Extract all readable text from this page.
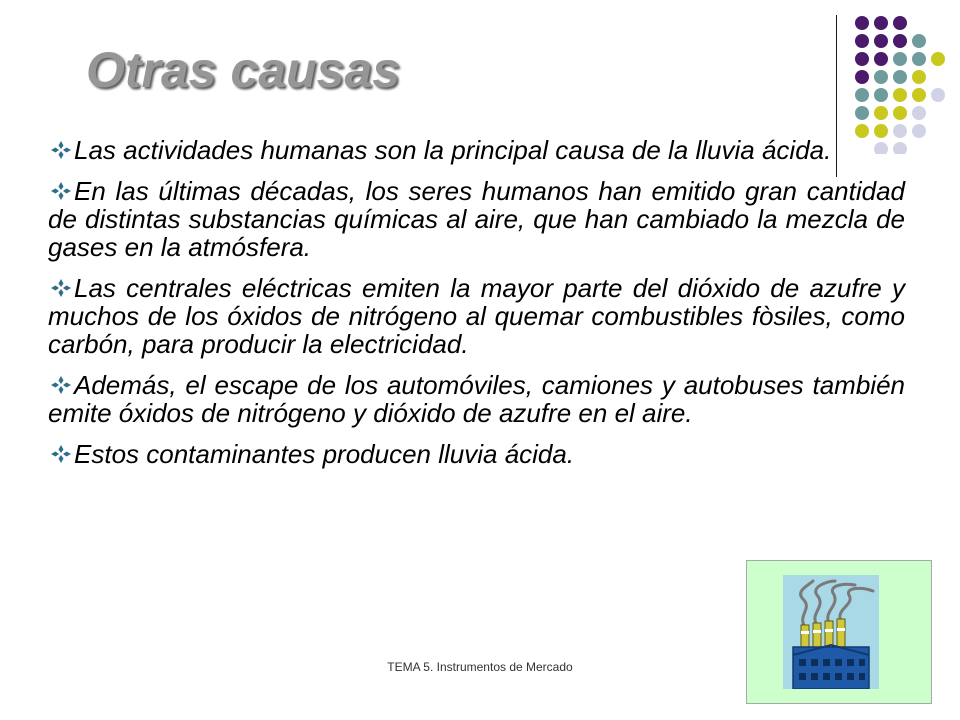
Otras causas

Las actividades humanas son la principal causa de la lluvia ácida.

En las últimas décadas, los seres humanos han emitido gran cantidad de distintas substancias químicas al aire, que han cambiado la mezcla de gases en la atmósfera.

Las centrales eléctricas emiten la mayor parte del dióxido de azufre y muchos de los óxidos de nitrógeno al quemar combustibles fòsiles, como carbón, para producir la electricidad.

Además, el escape de los automóviles, camiones y autobuses también emite óxidos de nitrógeno y dióxido de azufre en el aire.

Estos contaminantes producen lluvia ácida.

TEMA 5. Instrumentos de Mercado
